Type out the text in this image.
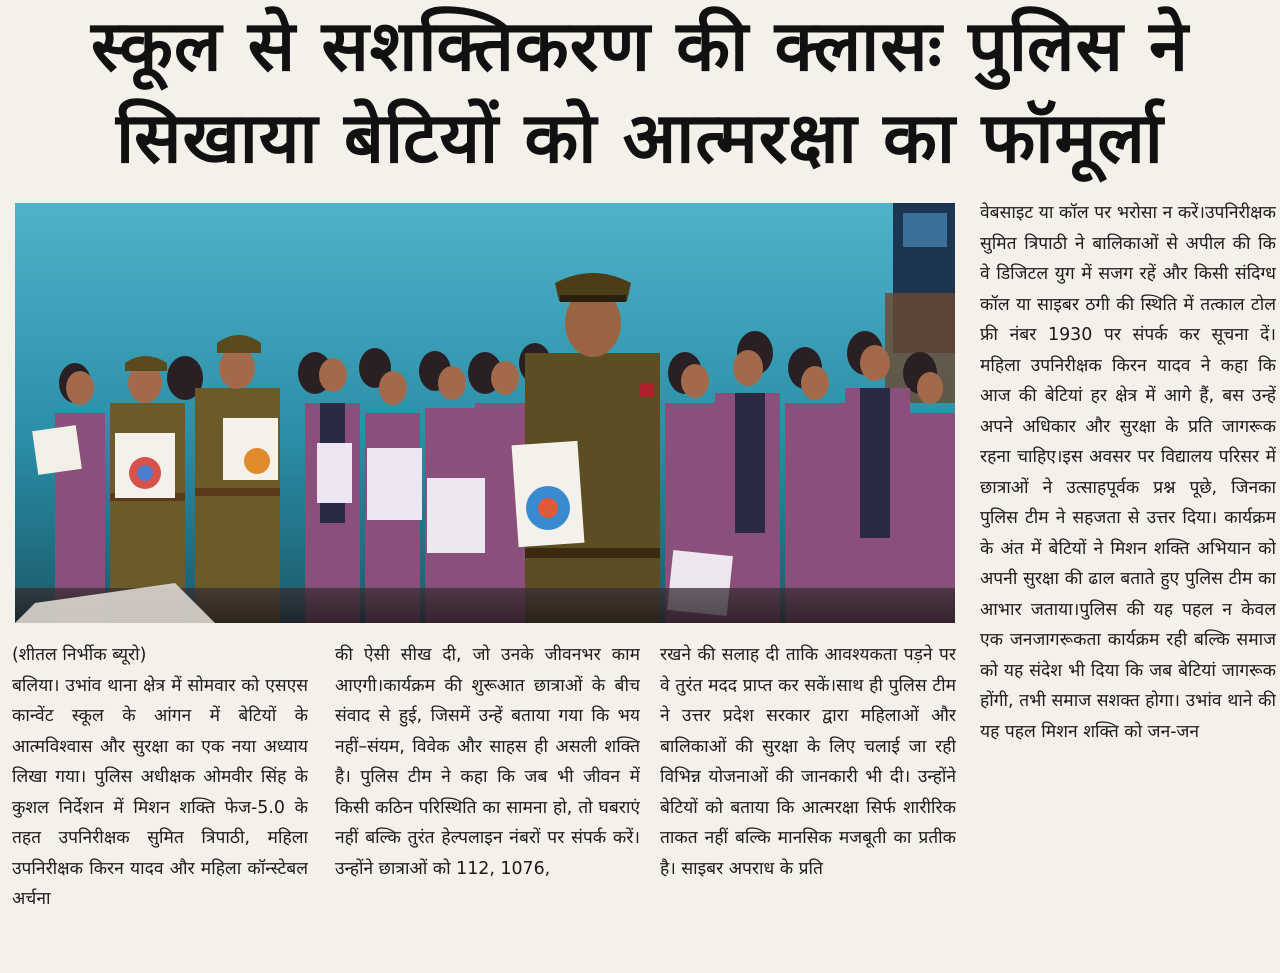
स्कूल से सशक्तिकरण की क्लासः पुलिस ने
सिखाया बेटियों को आत्मरक्षा का फॉमूर्ला

(शीतल निर्भीक ब्यूरो)

बलिया। उभांव थाना क्षेत्र में सोमवार को एसएस कान्वेंट स्कूल के आंगन में बेटियों के आत्मविश्वास और सुरक्षा का एक नया अध्याय लिखा गया। पुलिस अधीक्षक ओमवीर सिंह के कुशल निर्देशन में मिशन शक्ति फेज-5.0 के तहत उपनिरीक्षक सुमित त्रिपाठी, महिला उपनिरीक्षक किरन यादव और महिला कॉन्स्टेबल अर्चना

की ऐसी सीख दी, जो उनके जीवनभर काम आएगी।कार्यक्रम की शुरूआत छात्राओं के बीच संवाद से हुई, जिसमें उन्हें बताया गया कि भय नहीं–संयम, विवेक और साहस ही असली शक्ति है। पुलिस टीम ने कहा कि जब भी जीवन में किसी कठिन परिस्थिति का सामना हो, तो घबराएं नहीं बल्कि तुरंत हेल्पलाइन नंबरों पर संपर्क करें। उन्होंने छात्राओं को 112, 1076,

रखने की सलाह दी ताकि आवश्यकता पड़ने पर वे तुरंत मदद प्राप्त कर सकें।साथ ही पुलिस टीम ने उत्तर प्रदेश सरकार द्वारा महिलाओं और बालिकाओं की सुरक्षा के लिए चलाई जा रही विभिन्न योजनाओं की जानकारी भी दी। उन्होंने बेटियों को बताया कि आत्मरक्षा सिर्फ शारीरिक ताकत नहीं बल्कि मानसिक मजबूती का प्रतीक है। साइबर अपराध के प्रति

वेबसाइट या कॉल पर भरोसा न करें।उपनिरीक्षक सुमित त्रिपाठी ने बालिकाओं से अपील की कि वे डिजिटल युग में सजग रहें और किसी संदिग्ध कॉल या साइबर ठगी की स्थिति में तत्काल टोल फ्री नंबर 1930 पर संपर्क कर सूचना दें। महिला उपनिरीक्षक किरन यादव ने कहा कि आज की बेटियां हर क्षेत्र में आगे हैं, बस उन्हें अपने अधिकार और सुरक्षा के प्रति जागरूक रहना चाहिए।इस अवसर पर विद्यालय परिसर में छात्राओं ने उत्साहपूर्वक प्रश्न पूछे, जिनका पुलिस टीम ने सहजता से उत्तर दिया। कार्यक्रम के अंत में बेटियों ने मिशन शक्ति अभियान को अपनी सुरक्षा की ढाल बताते हुए पुलिस टीम का आभार जताया।पुलिस की यह पहल न केवल एक जनजागरूकता कार्यक्रम रही बल्कि समाज को यह संदेश भी दिया कि जब बेटियां जागरूक होंगी, तभी समाज सशक्त होगा। उभांव थाने की यह पहल मिशन शक्ति को जन-जन
